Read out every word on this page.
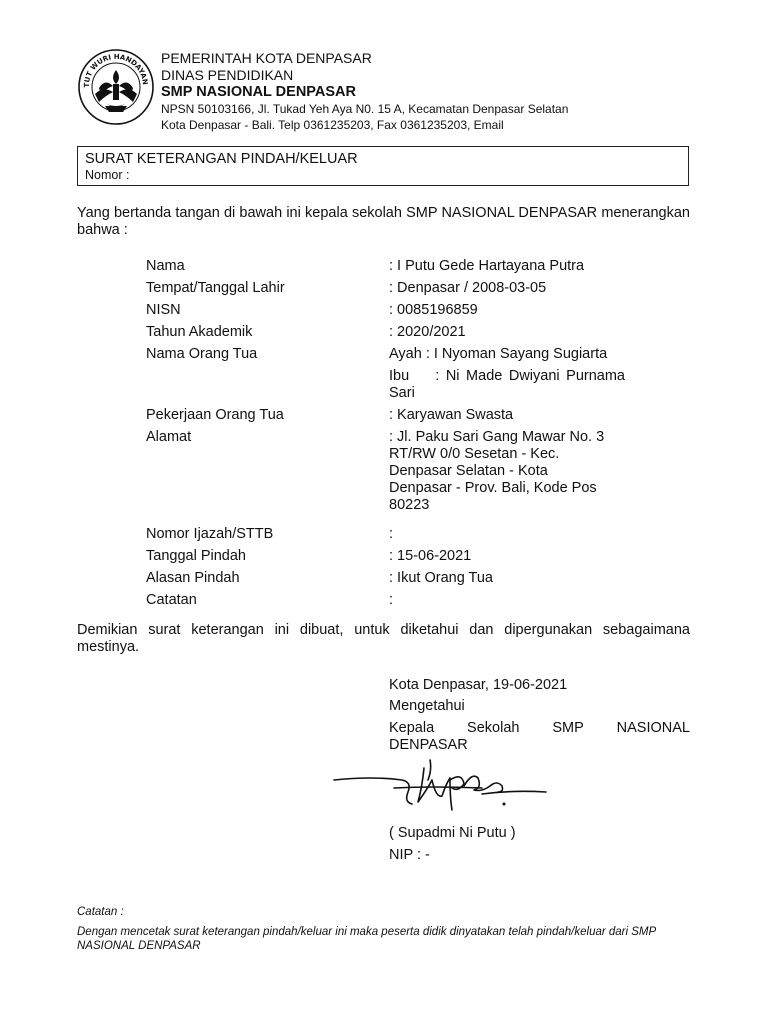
TUT WURI HANDAYAN
PEMERINTAH KOTA DENPASAR
DINAS PENDIDIKAN
SMP NASIONAL DENPASAR
NPSN 50103166, Jl. Tukad Yeh Aya N0. 15 A, Kecamatan Denpasar Selatan
Kota Denpasar - Bali. Telp 0361235203, Fax 0361235203, Email
SURAT KETERANGAN PINDAH/KELUAR
Nomor :
Yang bertanda tangan di bawah ini kepala sekolah SMP NASIONAL DENPASAR menerangkan bahwa :
Nama	: I Putu Gede Hartayana Putra
Tempat/Tanggal Lahir	: Denpasar / 2008-03-05
NISN	: 0085196859
Tahun Akademik	: 2020/2021
Nama Orang Tua	Ayah : I Nyoman Sayang Sugiarta
Ibu    : Ni Made Dwiyani Purnama Sari
Pekerjaan Orang Tua	: Karyawan Swasta
Alamat	: Jl. Paku Sari Gang Mawar No. 3 RT/RW 0/0 Sesetan - Kec. Denpasar Selatan - Kota Denpasar - Prov. Bali, Kode Pos 80223
Nomor Ijazah/STTB	:
Tanggal Pindah	: 15-06-2021
Alasan Pindah	: Ikut Orang Tua
Catatan	:
Demikian surat keterangan ini dibuat, untuk diketahui dan dipergunakan sebagaimana mestinya.
Kota Denpasar, 19-06-2021
Mengetahui
Kepala Sekolah SMP NASIONAL
DENPASAR
( Supadmi Ni Putu )
NIP : -
Catatan :
Dengan mencetak surat keterangan pindah/keluar ini maka peserta didik dinyatakan telah pindah/keluar dari SMP NASIONAL DENPASAR
